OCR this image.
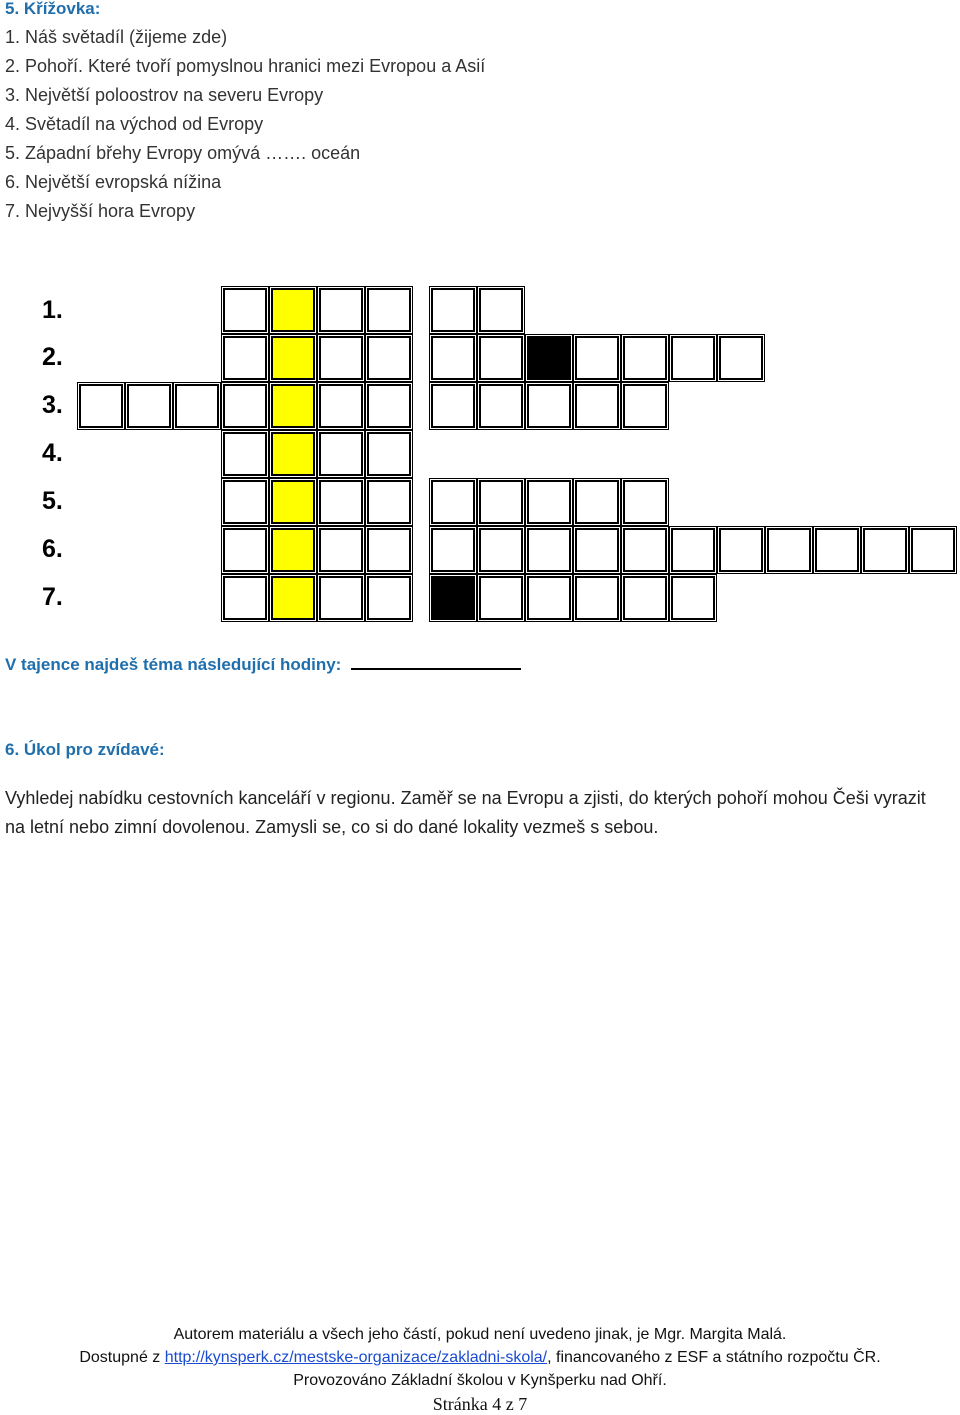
5. Křížovka:
1. Náš světadíl (žijeme zde)
2. Pohoří. Které tvoří pomyslnou hranici mezi Evropou a Asií
3. Největší poloostrov na severu Evropy
4. Světadíl na východ od Evropy
5. Západní břehy Evropy omývá ……. oceán
6. Největší evropská nížina
7. Nejvyšší hora Evropy
1.
2.
3.
4.
5.
6.
7.
V tajence najdeš téma následující hodiny:
6. Úkol pro zvídavé:
Vyhledej nabídku cestovních kanceláří v regionu. Zaměř se na Evropu a zjisti, do kterých pohoří mohou Češi vyrazit
na letní nebo zimní dovolenou. Zamysli se, co si do dané lokality vezmeš s sebou.
Autorem materiálu a všech jeho částí, pokud není uvedeno jinak, je Mgr. Margita Malá.
Dostupné z http://kynsperk.cz/mestske-organizace/zakladni-skola/, financovaného z ESF a státního rozpočtu ČR.
Provozováno Základní školou v Kynšperku nad Ohří.
Stránka 4 z 7
